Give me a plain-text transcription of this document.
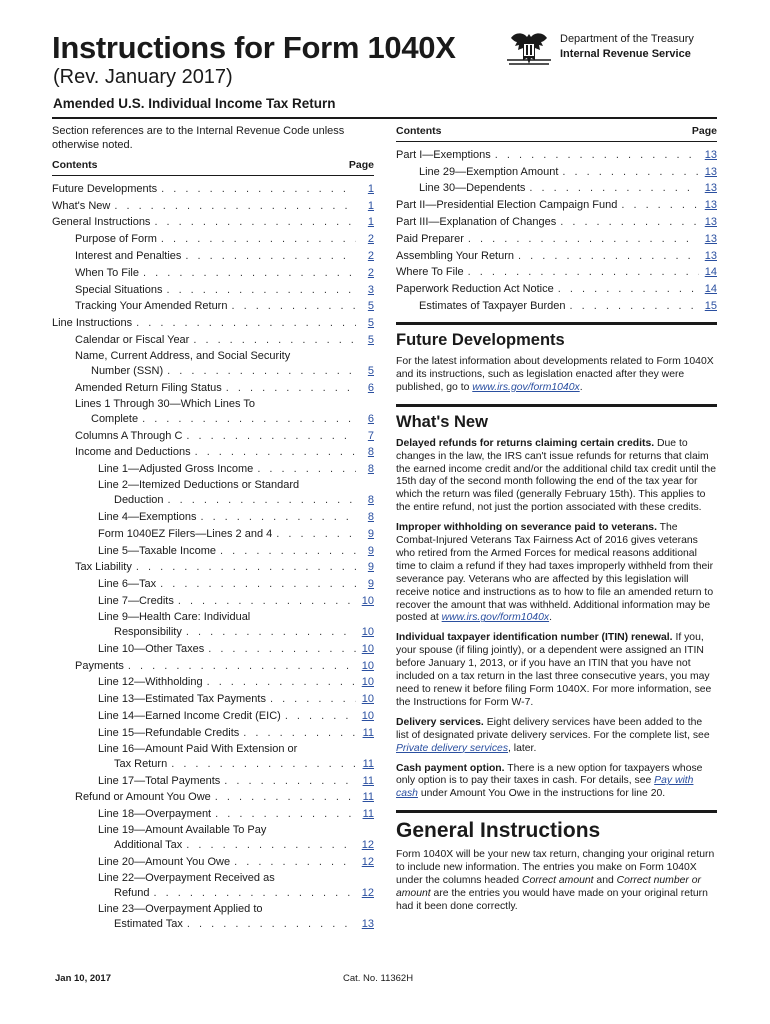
Instructions for Form 1040X
(Rev. January 2017)
Amended U.S. Individual Income Tax Return
Department of the Treasury
Internal Revenue Service
Section references are to the Internal Revenue Code unless otherwise noted.
Contents	Page
Future Developments . . .	1
What's New . . .	1
General Instructions . . .	1
Purpose of Form . . .	2
Interest and Penalties . . .	2
When To File . . .	2
Special Situations . . .	3
Tracking Your Amended Return . . .	5
Line Instructions . . .	5
Calendar or Fiscal Year . . .	5
Name, Current Address, and Social Security
Number (SSN) . . .	5
Amended Return Filing Status . . .	6
Lines 1 Through 30—Which Lines To
Complete . . .	6
Columns A Through C . . .	7
Income and Deductions . . .	8
Line 1—Adjusted Gross Income . . .	8
Line 2—Itemized Deductions or Standard
Deduction . . .	8
Line 4—Exemptions . . .	8
Form 1040EZ Filers—Lines 2 and 4 . . .	9
Line 5—Taxable Income . . .	9
Tax Liability . . .	9
Line 6—Tax . . .	9
Line 7—Credits . . .	10
Line 9—Health Care: Individual
Responsibility . . .	10
Line 10—Other Taxes . . .	10
Payments . . .	10
Line 12—Withholding . . .	10
Line 13—Estimated Tax Payments . . .	10
Line 14—Earned Income Credit (EIC) . . .	10
Line 15—Refundable Credits . . .	11
Line 16—Amount Paid With Extension or
Tax Return . . .	11
Line 17—Total Payments . . .	11
Refund or Amount You Owe . . .	11
Line 18—Overpayment . . .	11
Line 19—Amount Available To Pay
Additional Tax . . .	12
Line 20—Amount You Owe . . .	12
Line 22—Overpayment Received as
Refund . . .	12
Line 23—Overpayment Applied to
Estimated Tax . . .	13
Contents	Page
Part I—Exemptions . . .	13
Line 29—Exemption Amount . . .	13
Line 30—Dependents . . .	13
Part II—Presidential Election Campaign Fund . . .	13
Part III—Explanation of Changes . . .	13
Paid Preparer . . .	13
Assembling Your Return . . .	13
Where To File . . .	14
Paperwork Reduction Act Notice . . .	14
Estimates of Taxpayer Burden . . .	15
Future Developments
For the latest information about developments related to Form 1040X and its instructions, such as legislation enacted after they were published, go to www.irs.gov/form1040x.
What's New
Delayed refunds for returns claiming certain credits. Due to changes in the law, the IRS can't issue refunds for returns that claim the earned income credit and/or the additional child tax credit until the 15th day of the second month following the end of the tax year for which the return was filed (generally February 15th). This applies to the entire refund, not just the portion associated with these credits.
Improper withholding on severance paid to veterans. The Combat-Injured Veterans Tax Fairness Act of 2016 gives veterans who retired from the Armed Forces for medical reasons additional time to claim a refund if they had taxes improperly withheld from their severance pay. Veterans who are affected by this legislation will receive notice and instructions as to how to file an amended return to recover the amount that was withheld. Additional information may be posted at www.irs.gov/form1040x.
Individual taxpayer identification number (ITIN) renewal. If you, your spouse (if filing jointly), or a dependent were assigned an ITIN before January 1, 2013, or if you have an ITIN that you have not included on a tax return in the last three consecutive years, you may need to renew it before filing Form 1040X. For more information, see the Instructions for Form W-7.
Delivery services. Eight delivery services have been added to the list of designated private delivery services. For the complete list, see Private delivery services, later.
Cash payment option. There is a new option for taxpayers whose only option is to pay their taxes in cash. For details, see Pay with cash under Amount You Owe in the instructions for line 20.
General Instructions
Form 1040X will be your new tax return, changing your original return to include new information. The entries you make on Form 1040X under the columns headed Correct amount and Correct number or amount are the entries you would have made on your original return had it been done correctly.
Jan 10, 2017	Cat. No. 11362H
